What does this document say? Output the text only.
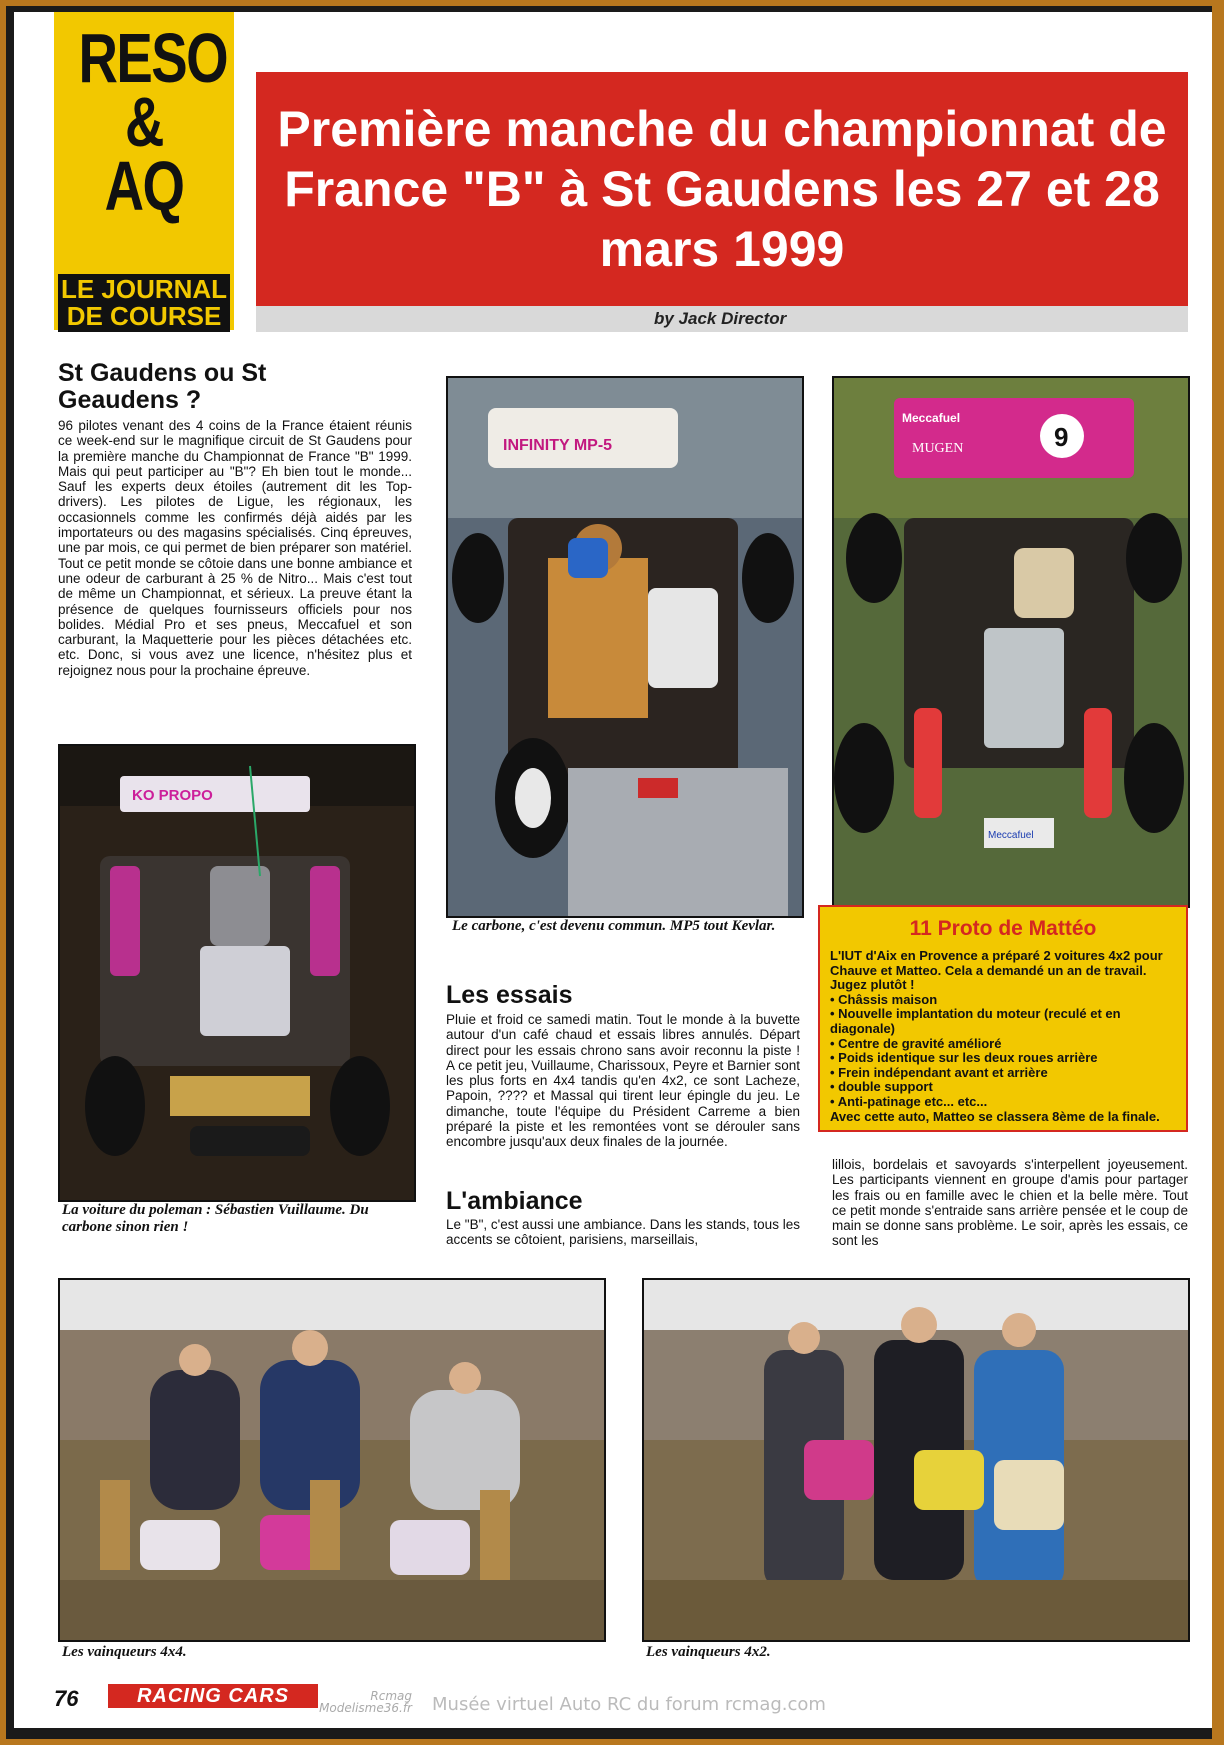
RESO
&
AQ
LE JOURNAL DE COURSE
Première manche du championnat de France "B" à St Gaudens les 27 et 28 mars 1999
by Jack Director
St Gaudens ou St Geaudens ?
96 pilotes venant des 4 coins de la France étaient réunis ce week-end sur le magnifique circuit de St Gaudens pour la première manche du Championnat de France "B" 1999. Mais qui peut participer au "B"? Eh bien tout le monde... Sauf les experts deux étoiles (autrement dit les Top-drivers). Les pilotes de Ligue, les régionaux, les occasionnels comme les confirmés déjà aidés par les importateurs ou des magasins spécialisés. Cinq épreuves, une par mois, ce qui permet de bien préparer son matériel. Tout ce petit monde se côtoie dans une bonne ambiance et une odeur de carburant à 25 % de Nitro... Mais c'est tout de même un Championnat, et sérieux. La preuve étant la présence de quelques fournisseurs officiels pour nos bolides. Médial Pro et ses pneus, Meccafuel et son carburant, la Maquetterie pour les pièces détachées etc. etc. Donc, si vous avez une licence, n'hésitez plus et rejoignez nous pour la prochaine épreuve.
KO PROPO
La voiture du poleman : Sébastien Vuillaume. Du carbone sinon rien !
INFINITY MP-5
Le carbone, c'est devenu commun. MP5 tout Kevlar.
Les essais
Pluie et froid ce samedi matin. Tout le monde à la buvette autour d'un café chaud et essais libres annulés. Départ direct pour les essais chrono sans avoir reconnu la piste ! A ce petit jeu, Vuillaume, Charissoux, Peyre et Barnier sont les plus forts en 4x4 tandis qu'en 4x2, ce sont Lacheze, Papoin, ???? et Massal qui tirent leur épingle du jeu. Le dimanche, toute l'équipe du Président Carreme a bien préparé la piste et les remontées vont se dérouler sans encombre jusqu'aux deux finales de la journée.
L'ambiance
Le "B", c'est aussi une ambiance. Dans les stands, tous les accents se côtoient, parisiens, marseillais,
Meccafuel
MUGEN	9
Meccafuel
11 Proto de Mattéo
L'IUT d'Aix en Provence a préparé 2 voitures 4x2 pour Chauve et Matteo. Cela a demandé un an de travail. Jugez plutôt !
• Châssis maison
• Nouvelle implantation du moteur (reculé et en diagonale)
• Centre de gravité amélioré
• Poids identique sur les deux roues arrière
• Frein indépendant avant et arrière
• double support
• Anti-patinage etc... etc...
Avec cette auto, Matteo se classera 8ème de la finale.
lillois, bordelais et savoyards s'interpellent joyeusement. Les participants viennent en groupe d'amis pour partager les frais ou en famille avec le chien et la belle mère. Tout ce petit monde s'entraide sans arrière pensée et le coup de main se donne sans problème. Le soir, après les essais, ce sont les
Les vainqueurs 4x4.	Les vainqueurs 4x2.
76	RACING CARS	Rcmag Modelisme36.fr Musée virtuel Auto RC du forum rcmag.com
